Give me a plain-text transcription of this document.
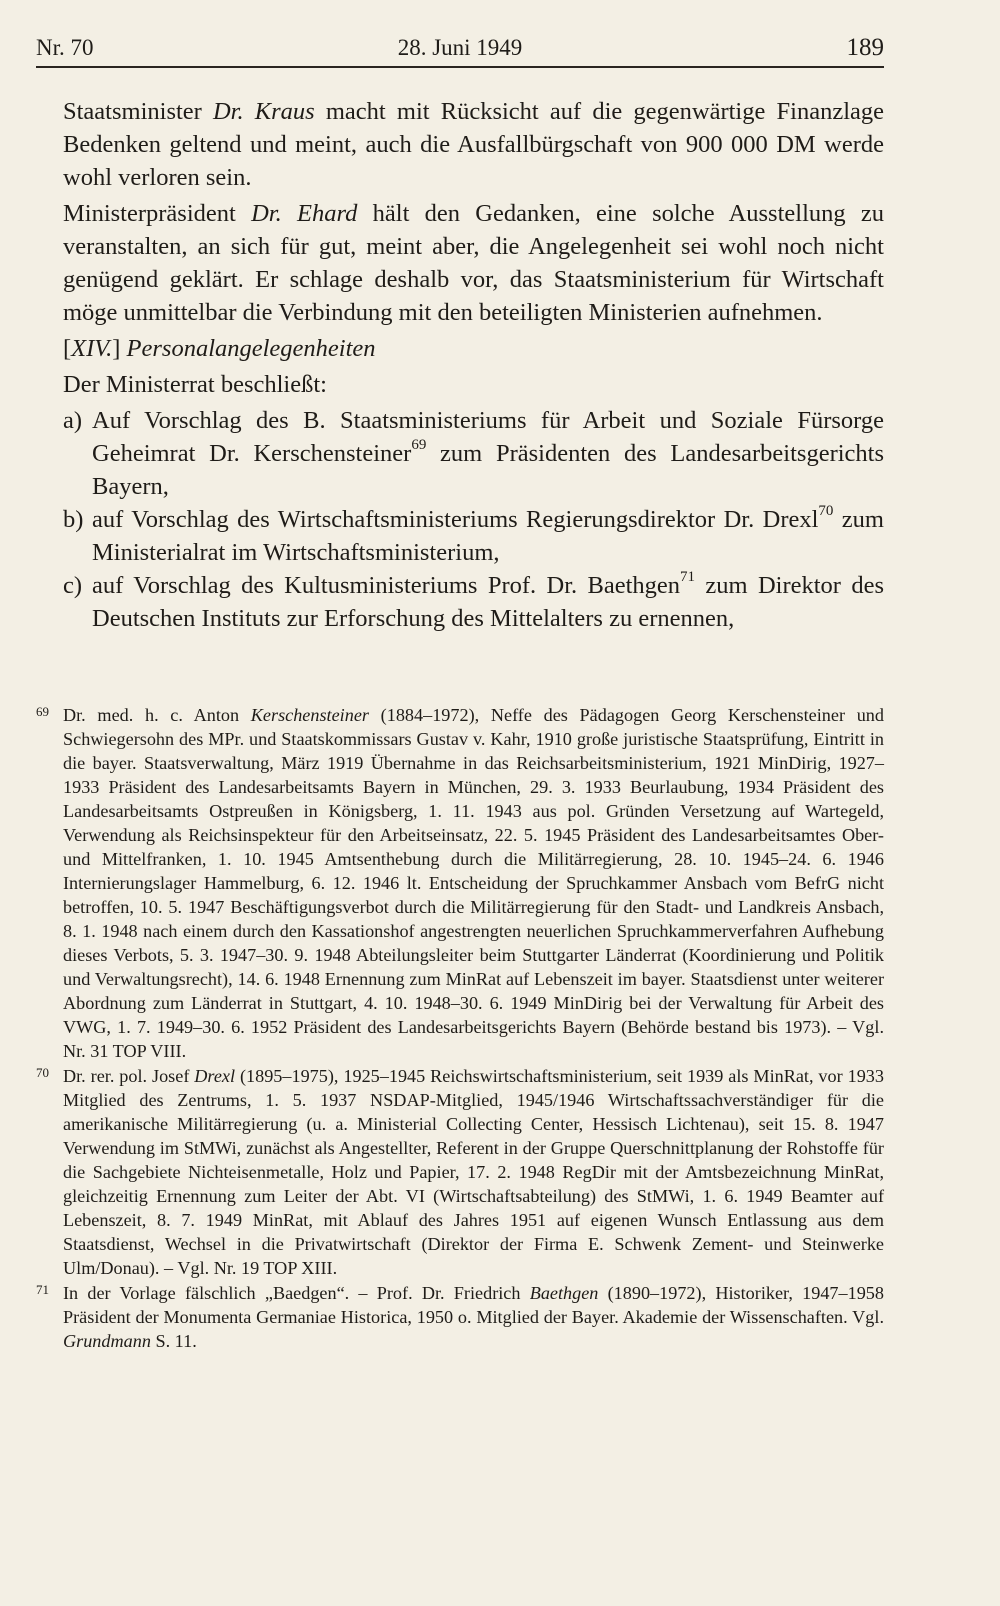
Nr. 70	28. Juni 1949	189

Staatsminister Dr. Kraus macht mit Rücksicht auf die gegenwärtige Finanzlage Bedenken geltend und meint, auch die Ausfallbürgschaft von 900 000 DM werde wohl verloren sein.

Ministerpräsident Dr. Ehard hält den Gedanken, eine solche Ausstellung zu veranstalten, an sich für gut, meint aber, die Angelegenheit sei wohl noch nicht genügend geklärt. Er schlage deshalb vor, das Staatsministerium für Wirtschaft möge unmittelbar die Verbindung mit den beteiligten Ministerien aufnehmen.

[XIV.] Personalangelegenheiten

Der Ministerrat beschließt:

a) Auf Vorschlag des B. Staatsministeriums für Arbeit und Soziale Fürsorge Geheimrat Dr. Kerschensteiner$^{69}$ zum Präsidenten des Landesarbeitsgerichts Bayern,
b) auf Vorschlag des Wirtschaftsministeriums Regierungsdirektor Dr. Drexl$^{70}$ zum Ministerialrat im Wirtschaftsministerium,
c) auf Vorschlag des Kultusministeriums Prof. Dr. Baethgen$^{71}$ zum Direktor des Deutschen Instituts zur Erforschung des Mittelalters zu ernennen,
69 Dr. med. h. c. Anton Kerschensteiner (1884–1972), Neffe des Pädagogen Georg Kerschensteiner und Schwiegersohn des MPr. und Staatskommissars Gustav v. Kahr, 1910 große juristische Staatsprüfung, Eintritt in die bayer. Staatsverwaltung, März 1919 Übernahme in das Reichsarbeitsministerium, 1921 MinDirig, 1927–1933 Präsident des Landesarbeitsamts Bayern in München, 29. 3. 1933 Beurlaubung, 1934 Präsident des Landesarbeitsamts Ostpreußen in Königsberg, 1. 11. 1943 aus pol. Gründen Versetzung auf Wartegeld, Verwendung als Reichsinspekteur für den Arbeitseinsatz, 22. 5. 1945 Präsident des Landesarbeitsamtes Ober- und Mittelfranken, 1. 10. 1945 Amtsenthebung durch die Militärregierung, 28. 10. 1945–24. 6. 1946 Internierungslager Hammelburg, 6. 12. 1946 lt. Entscheidung der Spruchkammer Ansbach vom BefrG nicht betroffen, 10. 5. 1947 Beschäftigungsverbot durch die Militärregierung für den Stadt- und Landkreis Ansbach, 8. 1. 1948 nach einem durch den Kassationshof angestrengten neuerlichen Spruchkammerverfahren Aufhebung dieses Verbots, 5. 3. 1947–30. 9. 1948 Abteilungsleiter beim Stuttgarter Länderrat (Koordinierung und Politik und Verwaltungsrecht), 14. 6. 1948 Ernennung zum MinRat auf Lebenszeit im bayer. Staatsdienst unter weiterer Abordnung zum Länderrat in Stuttgart, 4. 10. 1948–30. 6. 1949 MinDirig bei der Verwaltung für Arbeit des VWG, 1. 7. 1949–30. 6. 1952 Präsident des Landesarbeitsgerichts Bayern (Behörde bestand bis 1973). – Vgl. Nr. 31 TOP VIII.
70 Dr. rer. pol. Josef Drexl (1895–1975), 1925–1945 Reichswirtschaftsministerium, seit 1939 als MinRat, vor 1933 Mitglied des Zentrums, 1. 5. 1937 NSDAP-Mitglied, 1945/1946 Wirtschaftssachverständiger für die amerikanische Militärregierung (u. a. Ministerial Collecting Center, Hessisch Lichtenau), seit 15. 8. 1947 Verwendung im StMWi, zunächst als Angestellter, Referent in der Gruppe Querschnittplanung der Rohstoffe für die Sachgebiete Nichteisenmetalle, Holz und Papier, 17. 2. 1948 RegDir mit der Amtsbezeichnung MinRat, gleichzeitig Ernennung zum Leiter der Abt. VI (Wirtschaftsabteilung) des StMWi, 1. 6. 1949 Beamter auf Lebenszeit, 8. 7. 1949 MinRat, mit Ablauf des Jahres 1951 auf eigenen Wunsch Entlassung aus dem Staatsdienst, Wechsel in die Privatwirtschaft (Direktor der Firma E. Schwenk Zement- und Steinwerke Ulm/Donau). – Vgl. Nr. 19 TOP XIII.
71 In der Vorlage fälschlich „Baedgen“. – Prof. Dr. Friedrich Baethgen (1890–1972), Historiker, 1947–1958 Präsident der Monumenta Germaniae Historica, 1950 o. Mitglied der Bayer. Akademie der Wissenschaften. Vgl. Grundmann S. 11.
